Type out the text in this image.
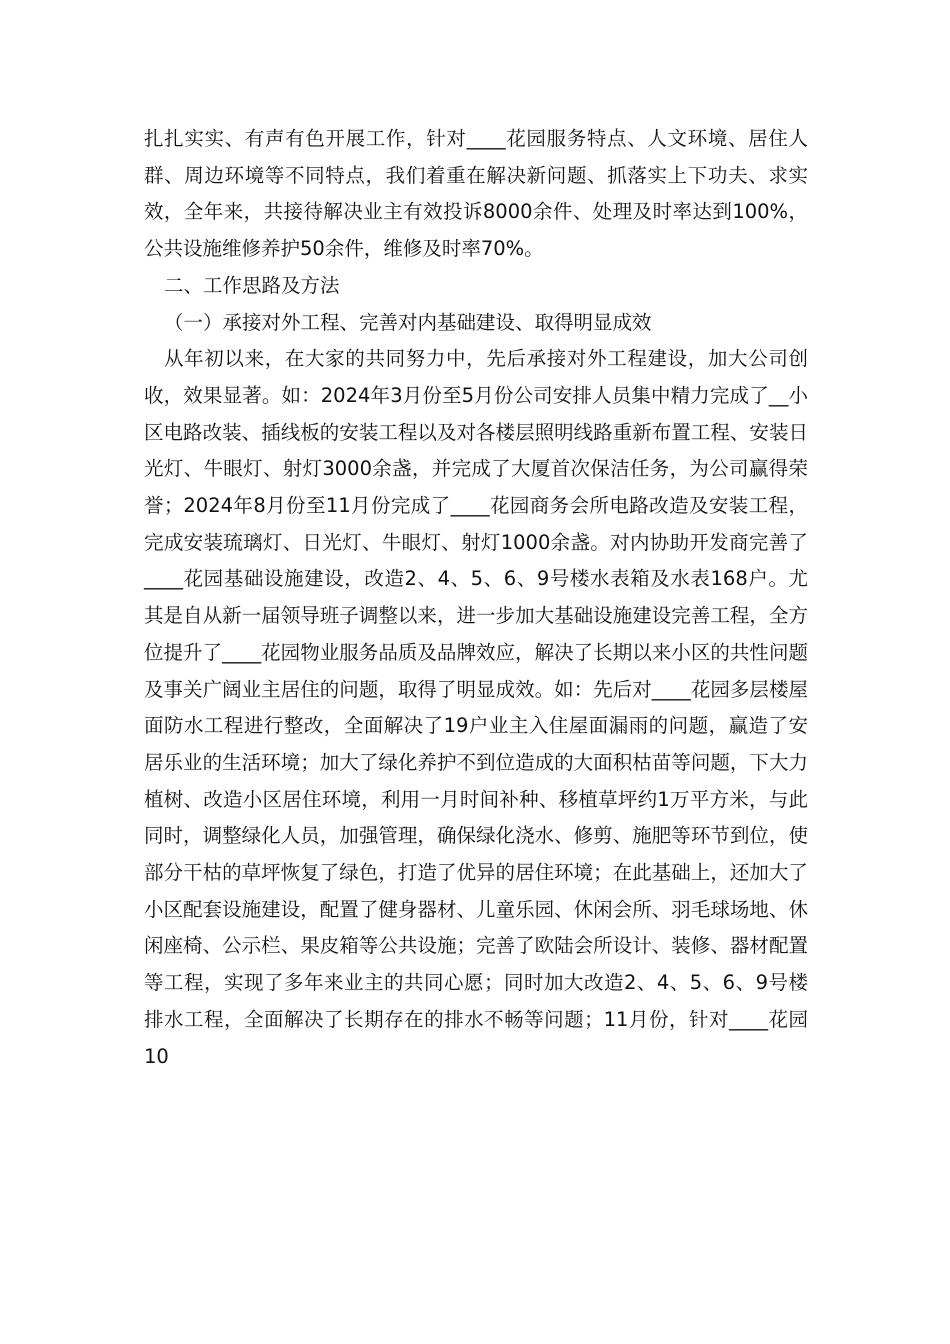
扎扎实实、有声有色开展工作，针对____花园服务特点、人文环境、居住人群、周边环境等不同特点，我们着重在解决新问题、抓落实上下功夫、求实效，全年来，共接待解决业主有效投诉8000余件、处理及时率达到100%，公共设施维修养护50余件，维修及时率70%。

二、工作思路及方法

（一）承接对外工程、完善对内基础建设、取得明显成效

从年初以来，在大家的共同努力中，先后承接对外工程建设，加大公司创收，效果显著。如：2024年3月份至5月份公司安排人员集中精力完成了__小区电路改装、插线板的安装工程以及对各楼层照明线路重新布置工程、安装日光灯、牛眼灯、射灯3000余盏，并完成了大厦首次保洁任务，为公司赢得荣誉；2024年8月份至11月份完成了____花园商务会所电路改造及安装工程，完成安装琉璃灯、日光灯、牛眼灯、射灯1000余盏。对内协助开发商完善了____花园基础设施建设，改造2、4、5、6、9号楼水表箱及水表168户。尤其是自从新一届领导班子调整以来，进一步加大基础设施建设完善工程，全方位提升了____花园物业服务品质及品牌效应，解决了长期以来小区的共性问题及事关广阔业主居住的问题，取得了明显成效。如：先后对____花园多层楼屋面防水工程进行整改，全面解决了19户业主入住屋面漏雨的问题，赢造了安居乐业的生活环境；加大了绿化养护不到位造成的大面积枯苗等问题，下大力植树、改造小区居住环境，利用一月时间补种、移植草坪约1万平方米，与此同时，调整绿化人员，加强管理，确保绿化浇水、修剪、施肥等环节到位，使部分干枯的草坪恢复了绿色，打造了优异的居住环境；在此基础上，还加大了小区配套设施建设，配置了健身器材、儿童乐园、休闲会所、羽毛球场地、休闲座椅、公示栏、果皮箱等公共设施；完善了欧陆会所设计、装修、器材配置等工程，实现了多年来业主的共同心愿；同时加大改造2、4、5、6、9号楼排水工程，全面解决了长期存在的排水不畅等问题；11月份，针对____花园10
